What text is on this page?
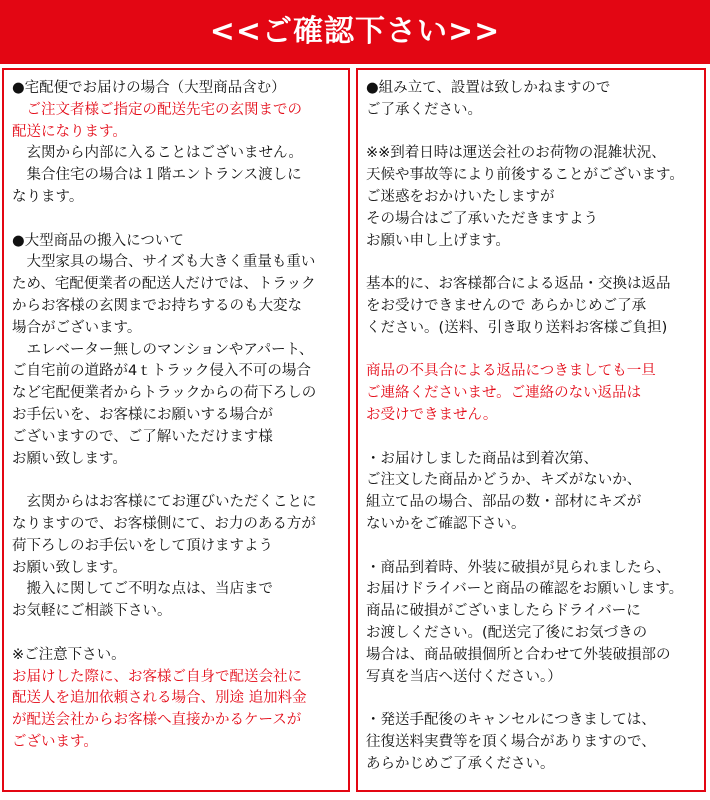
<<ご確認下さい>>
●宅配便でお届けの場合（大型商品含む）
　ご注文者様ご指定の配送先宅の玄関までの
配送になります。
　玄関から内部に入ることはございません。
　集合住宅の場合は１階エントランス渡しに
なります。
●大型商品の搬入について
　大型家具の場合、サイズも大きく重量も重い
ため、宅配便業者の配送人だけでは、トラック
からお客様の玄関までお持ちするのも大変な
場合がございます。
　エレベーター無しのマンションやアパート、
ご自宅前の道路が4ｔトラック侵入不可の場合
など宅配便業者からトラックからの荷下ろしの
お手伝いを、お客様にお願いする場合が
ございますので、ご了解いただけます様
お願い致します。
　玄関からはお客様にてお運びいただくことに
なりますので、お客様側にて、お力のある方が
荷下ろしのお手伝いをして頂けますよう
お願い致します。
　搬入に関してご不明な点は、当店まで
お気軽にご相談下さい。
※ご注意下さい。
お届けした際に、お客様ご自身で配送会社に
配送人を追加依頼される場合、別途 追加料金
が配送会社からお客様へ直接かかるケースが
ございます。
●組み立て、設置は致しかねますので
ご了承ください。
※※到着日時は運送会社のお荷物の混雑状況、
天候や事故等により前後することがございます。
ご迷惑をおかけいたしますが
その場合はご了承いただきますよう
お願い申し上げます。
基本的に、お客様都合による返品・交換は返品
をお受けできませんので あらかじめご了承
ください。(送料、引き取り送料お客様ご負担)
商品の不具合による返品につきましても一旦
ご連絡くださいませ。ご連絡のない返品は
お受けできません。
・お届けしました商品は到着次第、
ご注文した商品かどうか、キズがないか、
組立て品の場合、部品の数・部材にキズが
ないかをご確認下さい。
・商品到着時、外装に破損が見られましたら、
お届けドライバーと商品の確認をお願いします。
商品に破損がございましたらドライバーに
お渡しください。(配送完了後にお気づきの
場合は、商品破損個所と合わせて外装破損部の
写真を当店へ送付ください。）
・発送手配後のキャンセルにつきましては、
往復送料実費等を頂く場合がありますので、
あらかじめご了承ください。
